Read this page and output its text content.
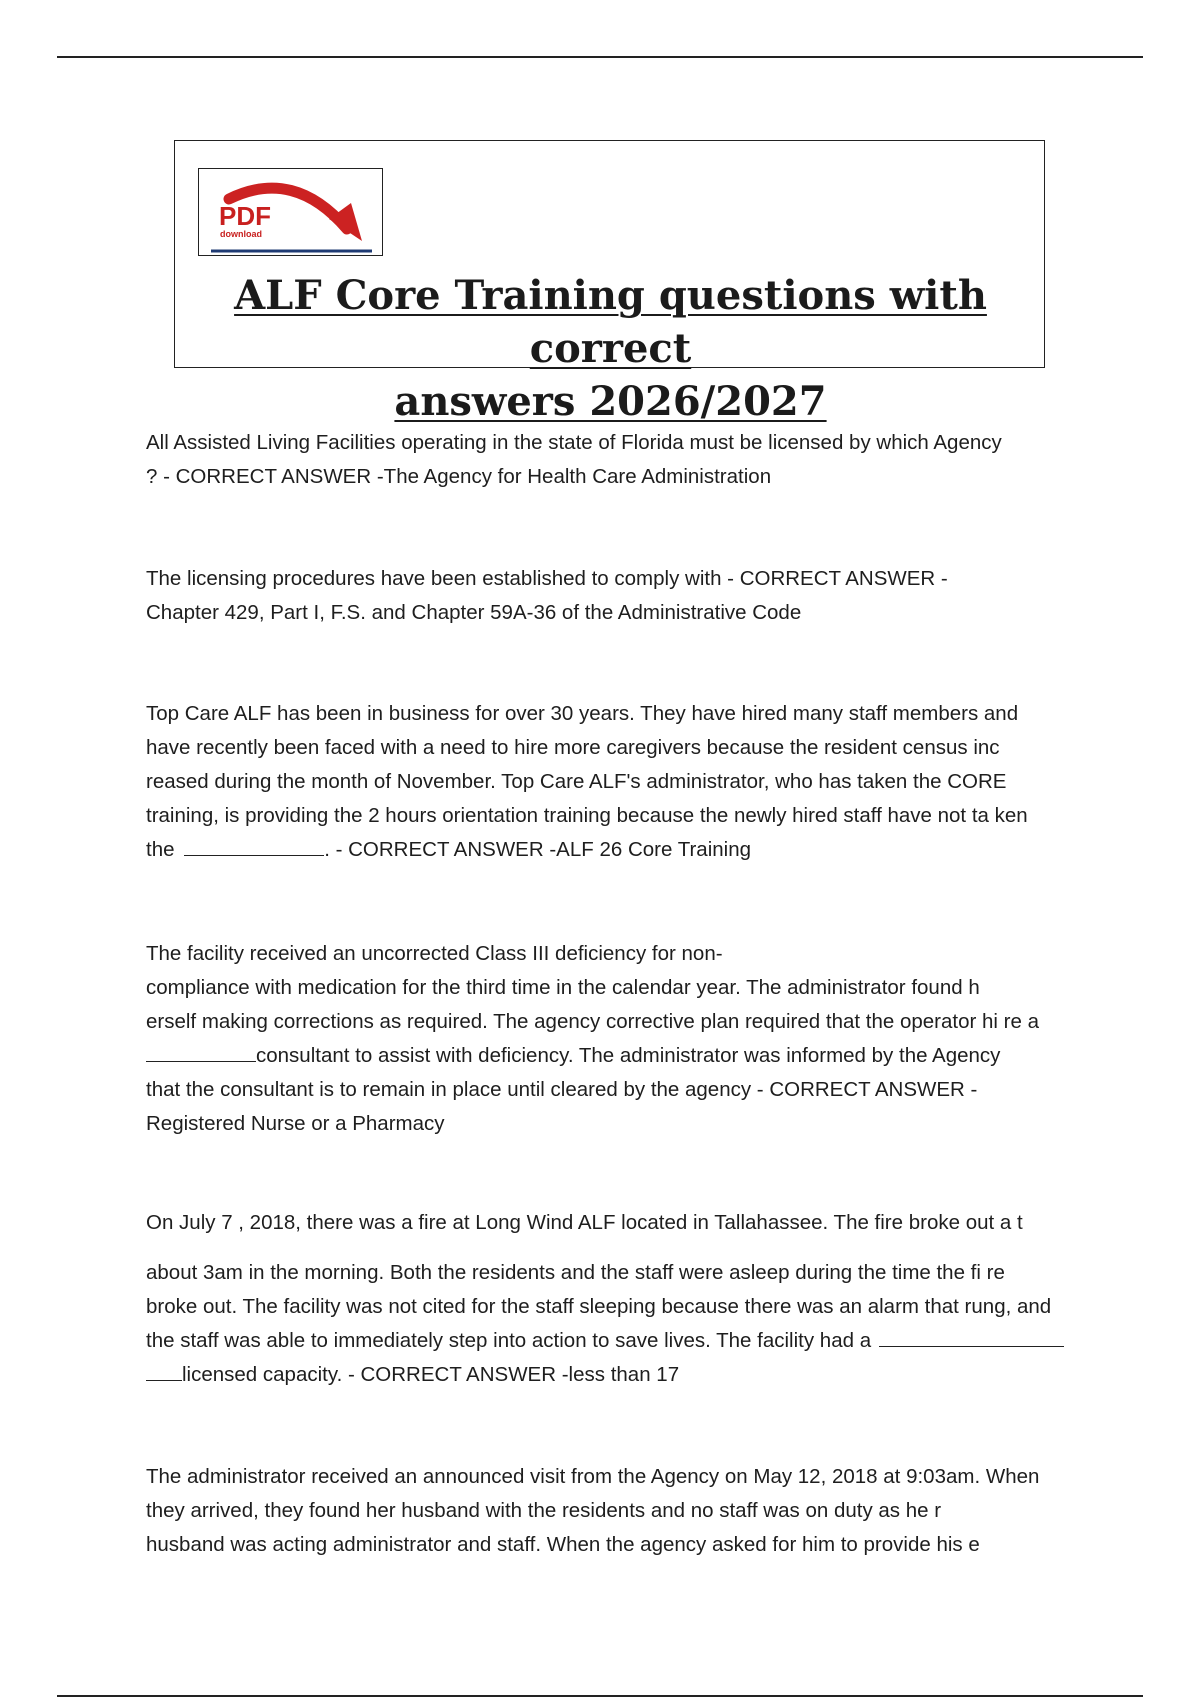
PDF
download
ALF Core Training questions with correct
answers 2026/2027

All Assisted Living Facilities operating in the state of Florida must be licensed by which Agency

? - CORRECT ANSWER -The Agency for Health Care Administration

The licensing procedures have been established to comply with - CORRECT ANSWER -

Chapter 429, Part I, F.S. and Chapter 59A-36 of the Administrative Code

Top Care ALF has been in business for over 30 years. They have hired many staff members and

have recently been faced with a need to hire more caregivers because the resident census inc

reased during the month of November. Top Care ALF's administrator, who has taken the CORE

training, is providing the 2 hours orientation training because the newly hired staff have not ta ken

the	. - CORRECT ANSWER -ALF 26 Core Training

The facility received an uncorrected Class III deficiency for non-

compliance with medication for the third time in the calendar year. The administrator found h

erself making corrections as required. The agency corrective plan required that the operator hi re a

consultant to assist with deficiency. The administrator was informed by the Agency

that the consultant is to remain in place until cleared by the agency - CORRECT ANSWER -

Registered Nurse or a Pharmacy

On July 7 , 2018, there was a fire at Long Wind ALF located in Tallahassee. The fire broke out a t

about 3am in the morning. Both the residents and the staff were asleep during the time the fi re

broke out. The facility was not cited for the staff sleeping because there was an alarm that rung, and

the staff was able to immediately step into action to save lives. The facility had a

licensed capacity. - CORRECT ANSWER -less than 17

The administrator received an announced visit from the Agency on May 12, 2018 at 9:03am. When

they arrived, they found her husband with the residents and no staff was on duty as he r

husband was acting administrator and staff. When the agency asked for him to provide his e
